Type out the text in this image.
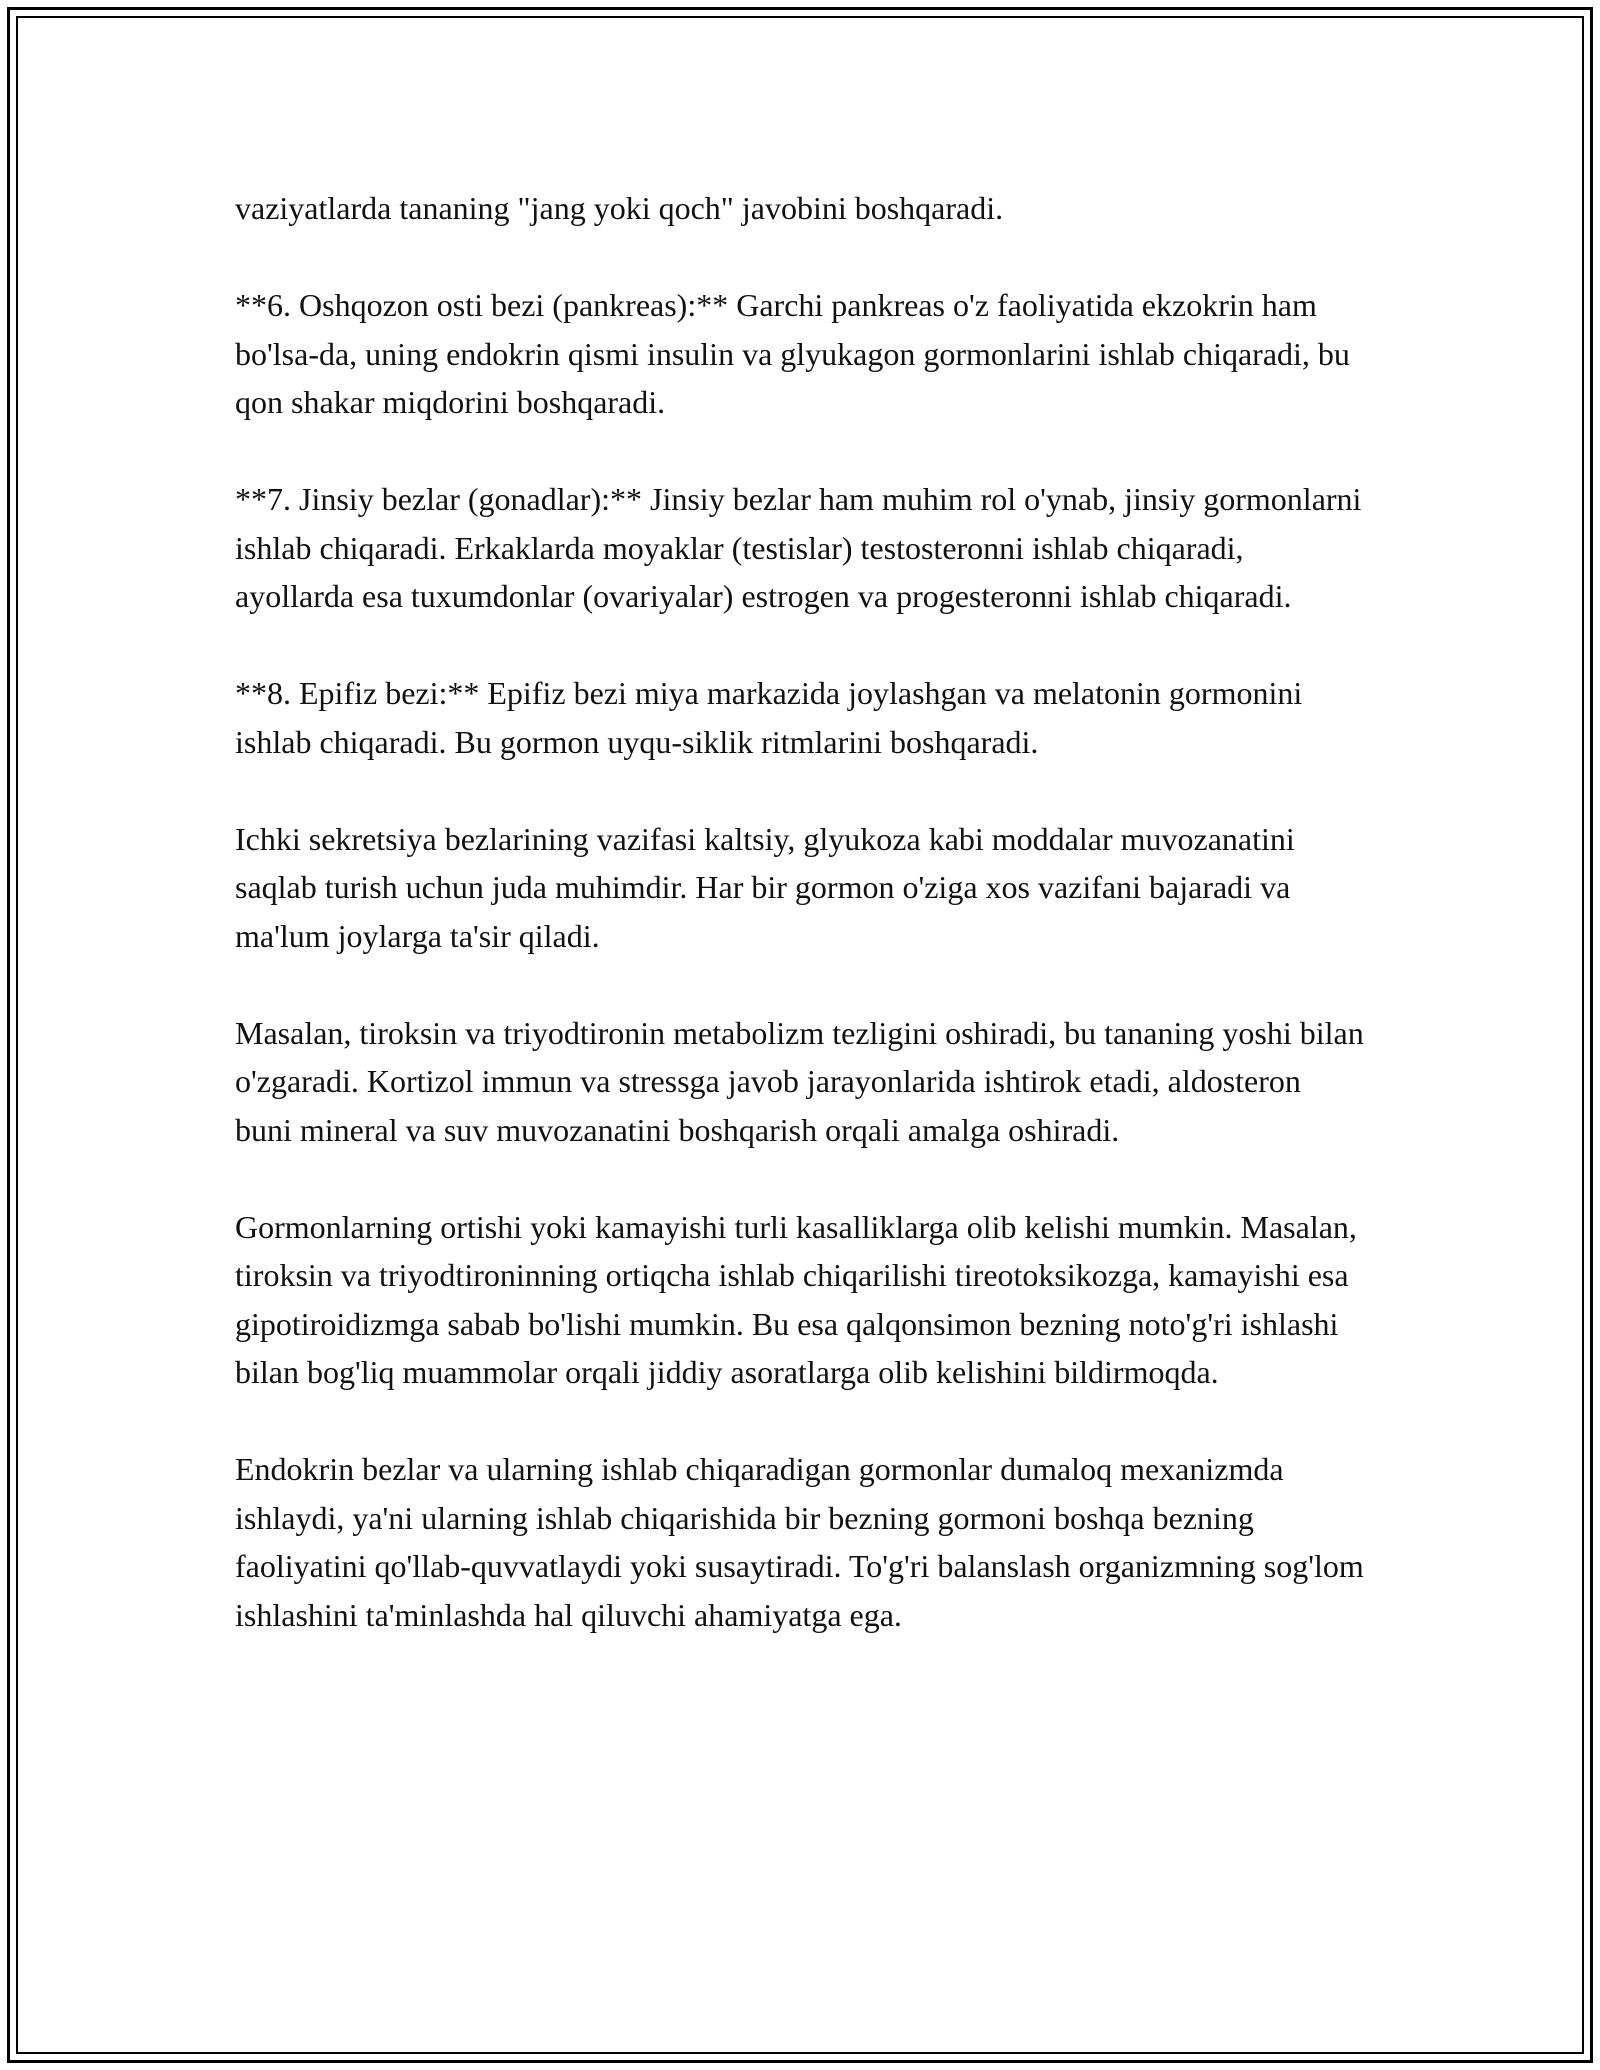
vaziyatlarda tananing "jang yoki qoch" javobini boshqaradi.

**6. Oshqozon osti bezi (pankreas):** Garchi pankreas o'z faoliyatida ekzokrin ham bo'lsa-da, uning endokrin qismi insulin va glyukagon gormonlarini ishlab chiqaradi, bu qon shakar miqdorini boshqaradi.

**7. Jinsiy bezlar (gonadlar):** Jinsiy bezlar ham muhim rol o'ynab, jinsiy gormonlarni ishlab chiqaradi. Erkaklarda moyaklar (testislar) testosteronni ishlab chiqaradi, ayollarda esa tuxumdonlar (ovariyalar) estrogen va progesteronni ishlab chiqaradi.

**8. Epifiz bezi:** Epifiz bezi miya markazida joylashgan va melatonin gormonini ishlab chiqaradi. Bu gormon uyqu-siklik ritmlarini boshqaradi.

Ichki sekretsiya bezlarining vazifasi kaltsiy, glyukoza kabi moddalar muvozanatini saqlab turish uchun juda muhimdir. Har bir gormon o'ziga xos vazifani bajaradi va ma'lum joylarga ta'sir qiladi.

Masalan, tiroksin va triyodtironin metabolizm tezligini oshiradi, bu tananing yoshi bilan o'zgaradi. Kortizol immun va stressga javob jarayonlarida ishtirok etadi, aldosteron buni mineral va suv muvozanatini boshqarish orqali amalga oshiradi.

Gormonlarning ortishi yoki kamayishi turli kasalliklarga olib kelishi mumkin. Masalan, tiroksin va triyodtironinning ortiqcha ishlab chiqarilishi tireotoksikozga, kamayishi esa gipotiroidizmga sabab bo'lishi mumkin. Bu esa qalqonsimon bezning noto'g'ri ishlashi bilan bog'liq muammolar orqali jiddiy asoratlarga olib kelishini bildirmoqda.

Endokrin bezlar va ularning ishlab chiqaradigan gormonlar dumaloq mexanizmda ishlaydi, ya'ni ularning ishlab chiqarishida bir bezning gormoni boshqa bezning faoliyatini qo'llab-quvvatlaydi yoki susaytiradi. To'g'ri balanslash organizmning sog'lom ishlashini ta'minlashda hal qiluvchi ahamiyatga ega.
